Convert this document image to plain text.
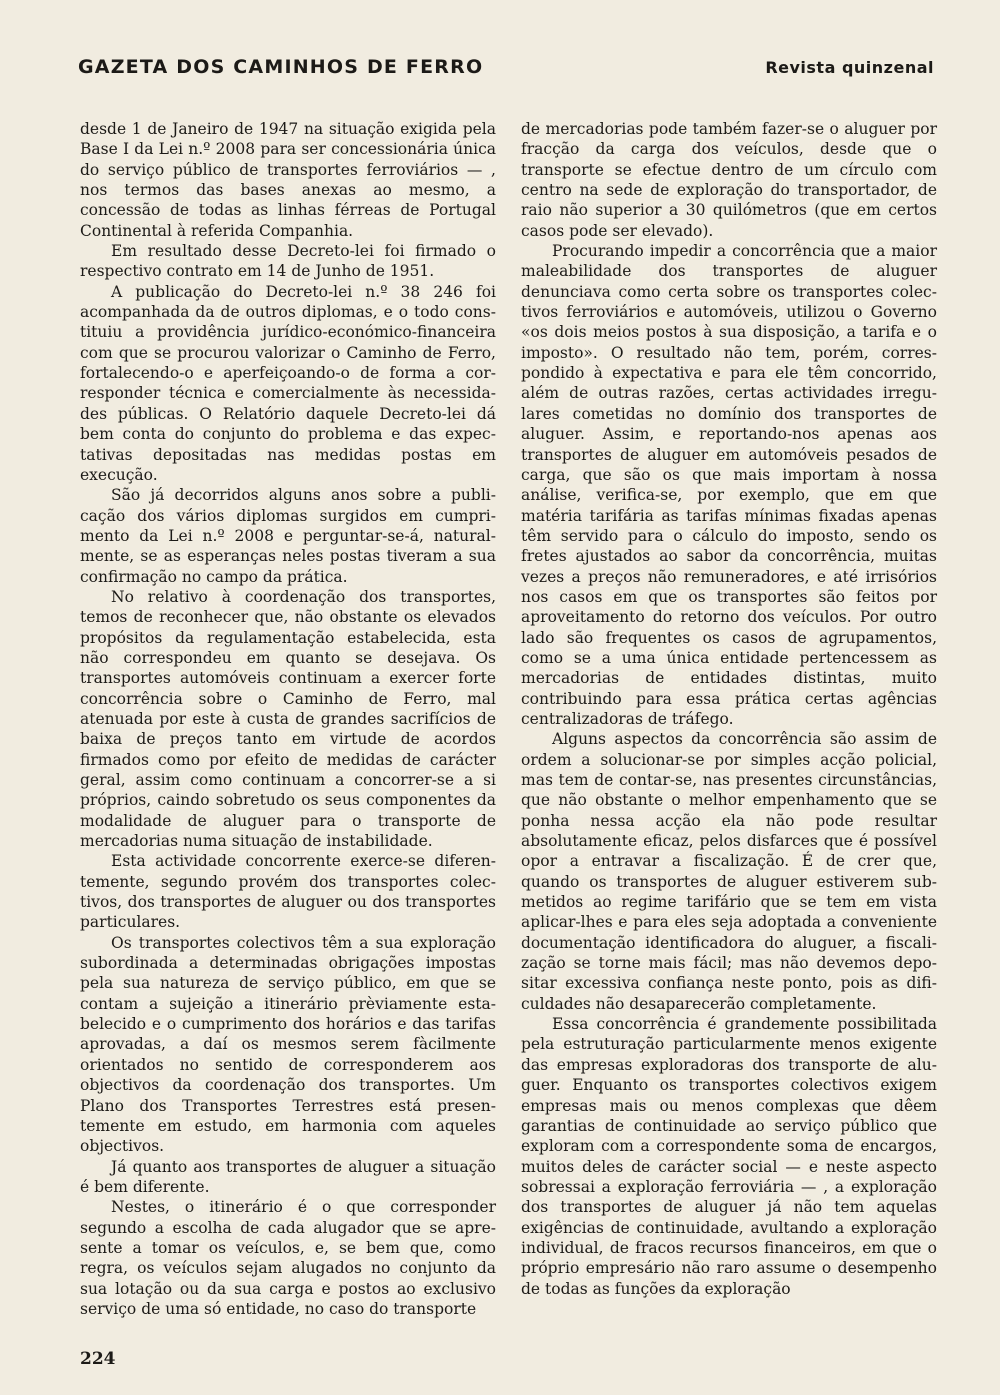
GAZETA DOS CAMINHOS DE FERRO	Revista quinzenal

desde 1 de Janeiro de 1947 na situação exigida pela Base I da Lei n.º 2008 para ser concessionária única do serviço público de transportes ferroviários — , nos termos das bases anexas ao mesmo, a concessão de todas as linhas férreas de Portugal Continental à referida Companhia.

Em resultado desse Decreto-lei foi firmado o respectivo contrato em 14 de Junho de 1951.

A publicação do Decreto-lei n.º 38 246 foi acompanhada da de outros diplomas, e o todo constituiu a providência jurídico-económico-financeira com que se procurou valorizar o Caminho de Ferro, fortalecendo-o e aperfeiçoando-o de forma a corresponder técnica e comercialmente às necessidades públicas. O Relatório daquele Decreto-lei dá bem conta do conjunto do problema e das expectativas depositadas nas medidas postas em execução.

São já decorridos alguns anos sobre a publicação dos vários diplomas surgidos em cumprimento da Lei n.º 2008 e perguntar-se-á, naturalmente, se as esperanças neles postas tiveram a sua confirmação no campo da prática.

No relativo à coordenação dos transportes, temos de reconhecer que, não obstante os elevados propósitos da regulamentação estabelecida, esta não correspondeu em quanto se desejava. Os transportes automóveis continuam a exercer forte concorrência sobre o Caminho de Ferro, mal atenuada por este à custa de grandes sacrifícios de baixa de preços tanto em virtude de acordos firmados como por efeito de medidas de carácter geral, assim como continuam a concorrer-se a si próprios, caindo sobretudo os seus componentes da modalidade de aluguer para o transporte de mercadorias numa situação de instabilidade.

Esta actividade concorrente exerce-se diferentemente, segundo provém dos transportes colectivos, dos transportes de aluguer ou dos transportes particulares.

Os transportes colectivos têm a sua exploração subordinada a determinadas obrigações impostas pela sua natureza de serviço público, em que se contam a sujeição a itinerário prèviamente estabelecido e o cumprimento dos horários e das tarifas aprovadas, a daí os mesmos serem fàcilmente orientados no sentido de corresponderem aos objectivos da coordenação dos transportes. Um Plano dos Transportes Terrestres está presentemente em estudo, em harmonia com aqueles objectivos.

Já quanto aos transportes de aluguer a situação é bem diferente.

Nestes, o itinerário é o que corresponder segundo a escolha de cada alugador que se apresente a tomar os veículos, e, se bem que, como regra, os veículos sejam alugados no conjunto da sua lotação ou da sua carga e postos ao exclusivo serviço de uma só entidade, no caso do transporte

de mercadorias pode também fazer-se o aluguer por fracção da carga dos veículos, desde que o transporte se efectue dentro de um círculo com centro na sede de exploração do transportador, de raio não superior a 30 quilómetros (que em certos casos pode ser elevado).

Procurando impedir a concorrência que a maior maleabilidade dos transportes de aluguer denunciava como certa sobre os transportes colectivos ferroviários e automóveis, utilizou o Governo «os dois meios postos à sua disposição, a tarifa e o imposto». O resultado não tem, porém, correspondido à expectativa e para ele têm concorrido, além de outras razões, certas actividades irregulares cometidas no domínio dos transportes de aluguer. Assim, e reportando-nos apenas aos transportes de aluguer em automóveis pesados de carga, que são os que mais importam à nossa análise, verifica-se, por exemplo, que em que matéria tarifária as tarifas mínimas fixadas apenas têm servido para o cálculo do imposto, sendo os fretes ajustados ao sabor da concorrência, muitas vezes a preços não remuneradores, e até irrisórios nos casos em que os transportes são feitos por aproveitamento do retorno dos veículos. Por outro lado são frequentes os casos de agrupamentos, como se a uma única entidade pertencessem as mercadorias de entidades distintas, muito contribuindo para essa prática certas agências centralizadoras de tráfego.

Alguns aspectos da concorrência são assim de ordem a solucionar-se por simples acção policial, mas tem de contar-se, nas presentes circunstâncias, que não obstante o melhor empenhamento que se ponha nessa acção ela não pode resultar absolutamente eficaz, pelos disfarces que é possível opor a entravar a fiscalização. É de crer que, quando os transportes de aluguer estiverem submetidos ao regime tarifário que se tem em vista aplicar-lhes e para eles seja adoptada a conveniente documentação identificadora do aluguer, a fiscalização se torne mais fácil; mas não devemos depositar excessiva confiança neste ponto, pois as dificuldades não desaparecerão completamente.

Essa concorrência é grandemente possibilitada pela estruturação particularmente menos exigente das empresas exploradoras dos transporte de aluguer. Enquanto os transportes colectivos exigem empresas mais ou menos complexas que dêem garantias de continuidade ao serviço público que exploram com a correspondente soma de encargos, muitos deles de carácter social — e neste aspecto sobressai a exploração ferroviária — , a exploração dos transportes de aluguer já não tem aquelas exigências de continuidade, avultando a exploração individual, de fracos recursos financeiros, em que o próprio empresário não raro assume o desempenho de todas as funções da exploração

224
